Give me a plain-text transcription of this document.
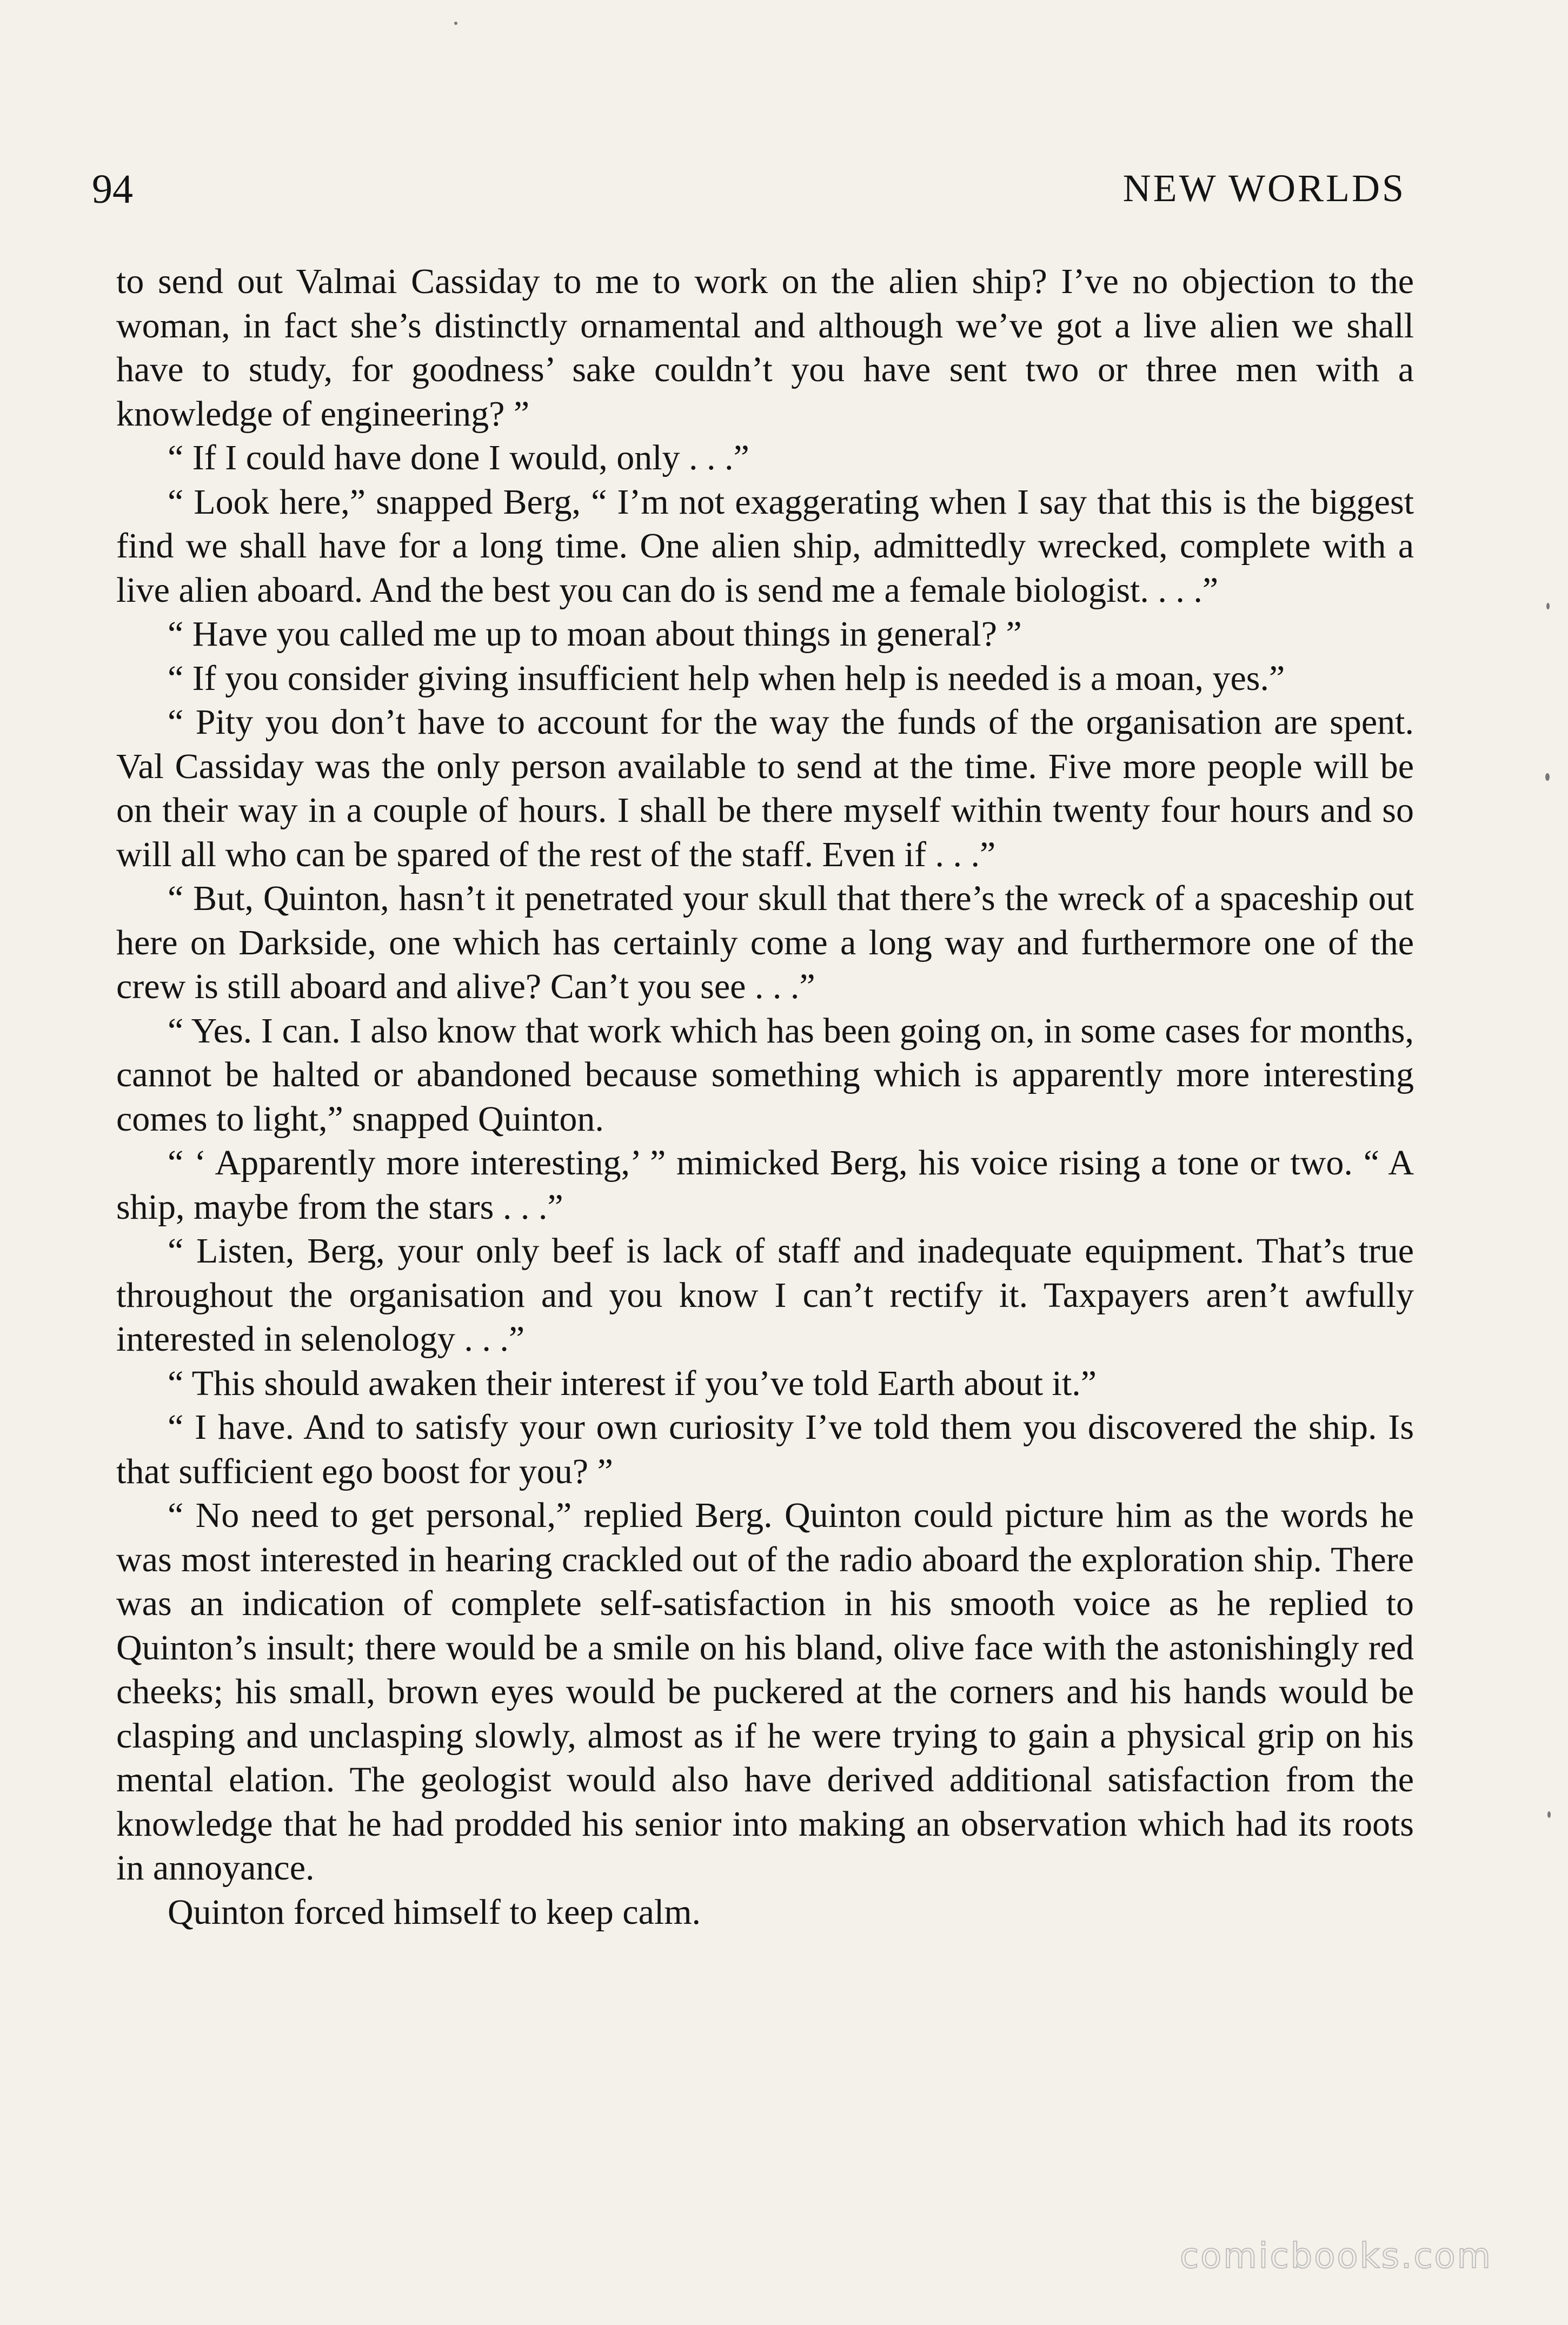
94	NEW WORLDS

to send out Valmai Cassiday to me to work on the alien ship? I’ve no objection to the woman, in fact she’s distinctly ornamental and although we’ve got a live alien we shall have to study, for goodness’ sake couldn’t you have sent two or three men with a knowledge of engineering? ”

“ If I could have done I would, only . . .”

“ Look here,” snapped Berg, “ I’m not exaggerating when I say that this is the biggest find we shall have for a long time. One alien ship, admittedly wrecked, complete with a live alien aboard. And the best you can do is send me a female biologist. . . .”

“ Have you called me up to moan about things in general? ”

“ If you consider giving insufficient help when help is needed is a moan, yes.”

“ Pity you don’t have to account for the way the funds of the organisation are spent. Val Cassiday was the only person available to send at the time. Five more people will be on their way in a couple of hours. I shall be there myself within twenty four hours and so will all who can be spared of the rest of the staff. Even if . . .”

“ But, Quinton, hasn’t it penetrated your skull that there’s the wreck of a spaceship out here on Darkside, one which has certainly come a long way and furthermore one of the crew is still aboard and alive? Can’t you see . . .”

“ Yes. I can. I also know that work which has been going on, in some cases for months, cannot be halted or abandoned because something which is apparently more interesting comes to light,” snapped Quinton.

“ ‘ Apparently more interesting,’ ” mimicked Berg, his voice rising a tone or two. “ A ship, maybe from the stars . . .”

“ Listen, Berg, your only beef is lack of staff and inadequate equipment. That’s true throughout the organisation and you know I can’t rectify it. Taxpayers aren’t awfully interested in selenology . . .”

“ This should awaken their interest if you’ve told Earth about it.”

“ I have. And to satisfy your own curiosity I’ve told them you discovered the ship. Is that sufficient ego boost for you? ”

“ No need to get personal,” replied Berg. Quinton could picture him as the words he was most interested in hearing crackled out of the radio aboard the exploration ship. There was an indication of complete self-satisfaction in his smooth voice as he replied to Quinton’s insult; there would be a smile on his bland, olive face with the astonishingly red cheeks; his small, brown eyes would be puckered at the corners and his hands would be clasping and unclasping slowly, almost as if he were trying to gain a physical grip on his mental elation. The geologist would also have derived additional satisfaction from the knowledge that he had prodded his senior into making an observation which had its roots in annoyance.

Quinton forced himself to keep calm.

comicbooks.com
